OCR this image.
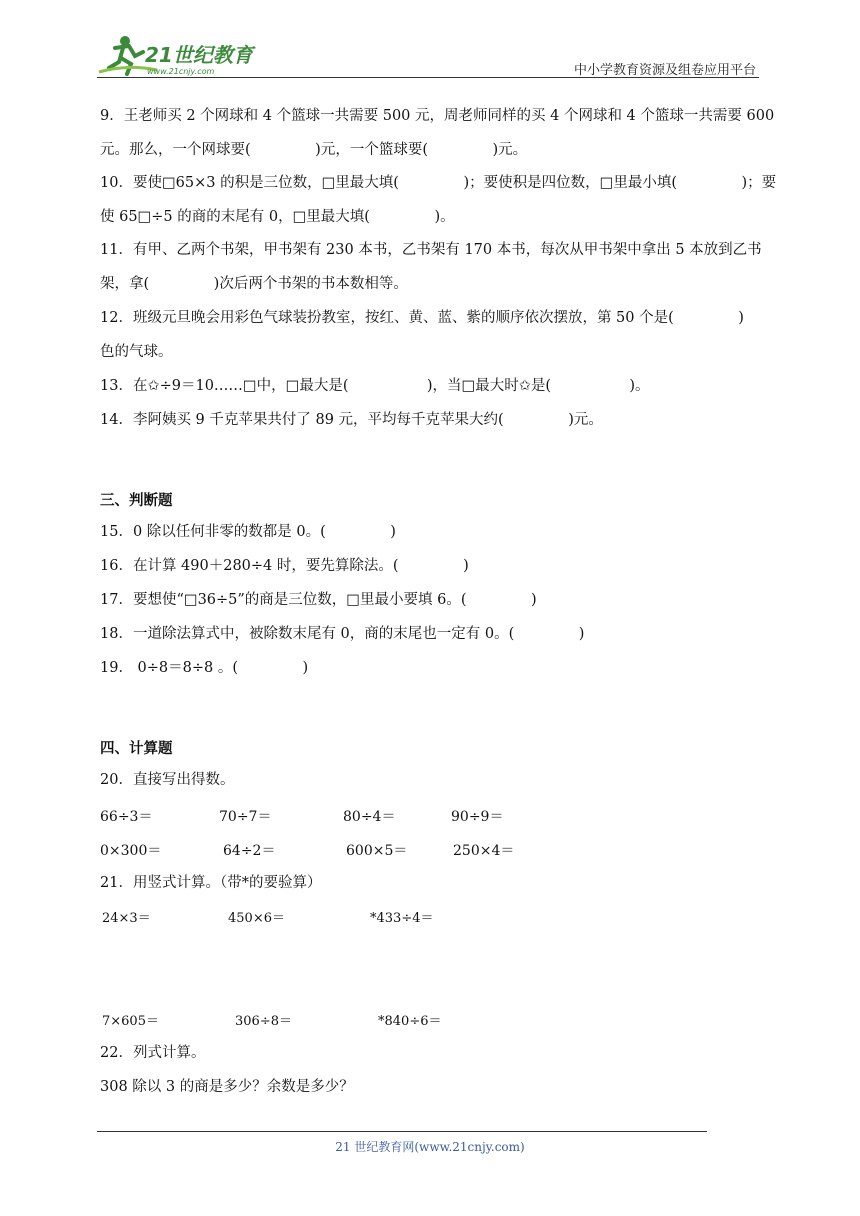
21世纪教育
www.21cnjy.com	中小学教育资源及组卷应用平台
9．王老师买 2 个网球和 4 个篮球一共需要 500 元，周老师同样的买 4 个网球和 4 个篮球一共需要 600
元。那么，一个网球要(              )元，一个篮球要(              )元。
10．要使□65×3 的积是三位数，□里最大填(              )；要使积是四位数，□里最小填(              )；要
使 65□÷5 的商的末尾有 0，□里最大填(              )。
11．有甲、乙两个书架，甲书架有 230 本书，乙书架有 170 本书，每次从甲书架中拿出 5 本放到乙书
架，拿(              )次后两个书架的书本数相等。
12．班级元旦晚会用彩色气球装扮教室，按红、黄、蓝、紫的顺序依次摆放，第 50 个是(              )
色的气球。
13．在✩÷9＝10……□中，□最大是(                 )，当□最大时✩是(                 )。
14．李阿姨买 9 千克苹果共付了 89 元，平均每千克苹果大约(              )元。
三、判断题
15．0 除以任何非零的数都是 0。(              )
16．在计算 490＋280÷4 时，要先算除法。(              )
17．要想使“□36÷5”的商是三位数，□里最小要填 6。(              )
18．一道除法算式中，被除数末尾有 0，商的末尾也一定有 0。(              )
19． 0÷8＝8÷8 。(              )
四、计算题
20．直接写出得数。
66÷3＝	70÷7＝	80÷4＝	90÷9＝
0×300＝	64÷2＝	600×5＝	250×4＝
21．用竖式计算。（带*的要验算）
24×3＝	450×6＝	*433÷4＝
7×605＝	306÷8＝	*840÷6＝
22．列式计算。
308 除以 3 的商是多少？余数是多少？
21 世纪教育网(www.21cnjy.com)
